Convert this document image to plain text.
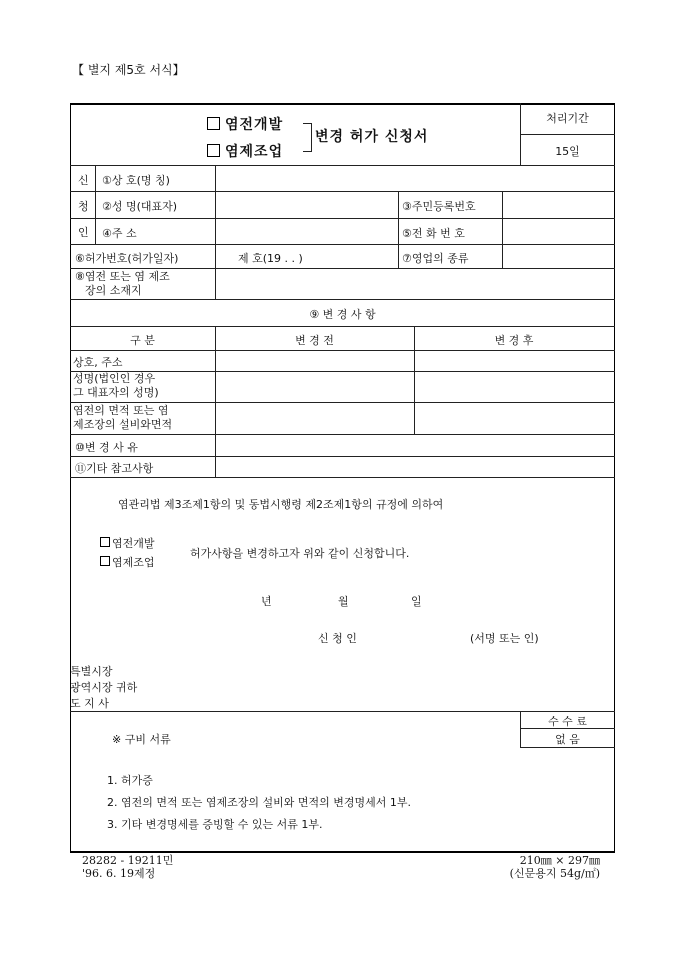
【 별지 제5호 서식】
염전개발
염제조업
변경 허가 신청서
처리기간
15일
신
청
인
①상 호(명 칭)
②성 명(대표자)	③주민등록번호
④주 소	⑤전 화 번 호
⑥허가번호(허가일자)	제 호(19 . . )	⑦영업의 종류
⑧염전 또는 염 제조
장의 소재지
⑨ 변 경 사 항
구 분	변 경 전	변 경 후
상호, 주소
성명(법인인 경우
그 대표자의 성명)
염전의 면적 또는 염
제조장의 설비와면적
⑩변 경 사 유
⑪기타 참고사항
염관리법 제3조제1항의 및 동법시행령 제2조제1항의 규정에 의하여
염전개발
염제조업
허가사항을 변경하고자 위와 같이 신청합니다.
년	월	일
신 청 인	(서명 또는 인)
특별시장
광역시장 귀하
도 지 사
수 수 료
없 음
※ 구비 서류
1. 허가증
2. 염전의 면적 또는 염제조장의 설비와 면적의 변경명세서 1부.
3. 기타 변경명세를 증빙할 수 있는 서류 1부.
28282 - 19211민
'96. 6. 19제정
210㎜ × 297㎜
(신문용지 54g/㎡)
